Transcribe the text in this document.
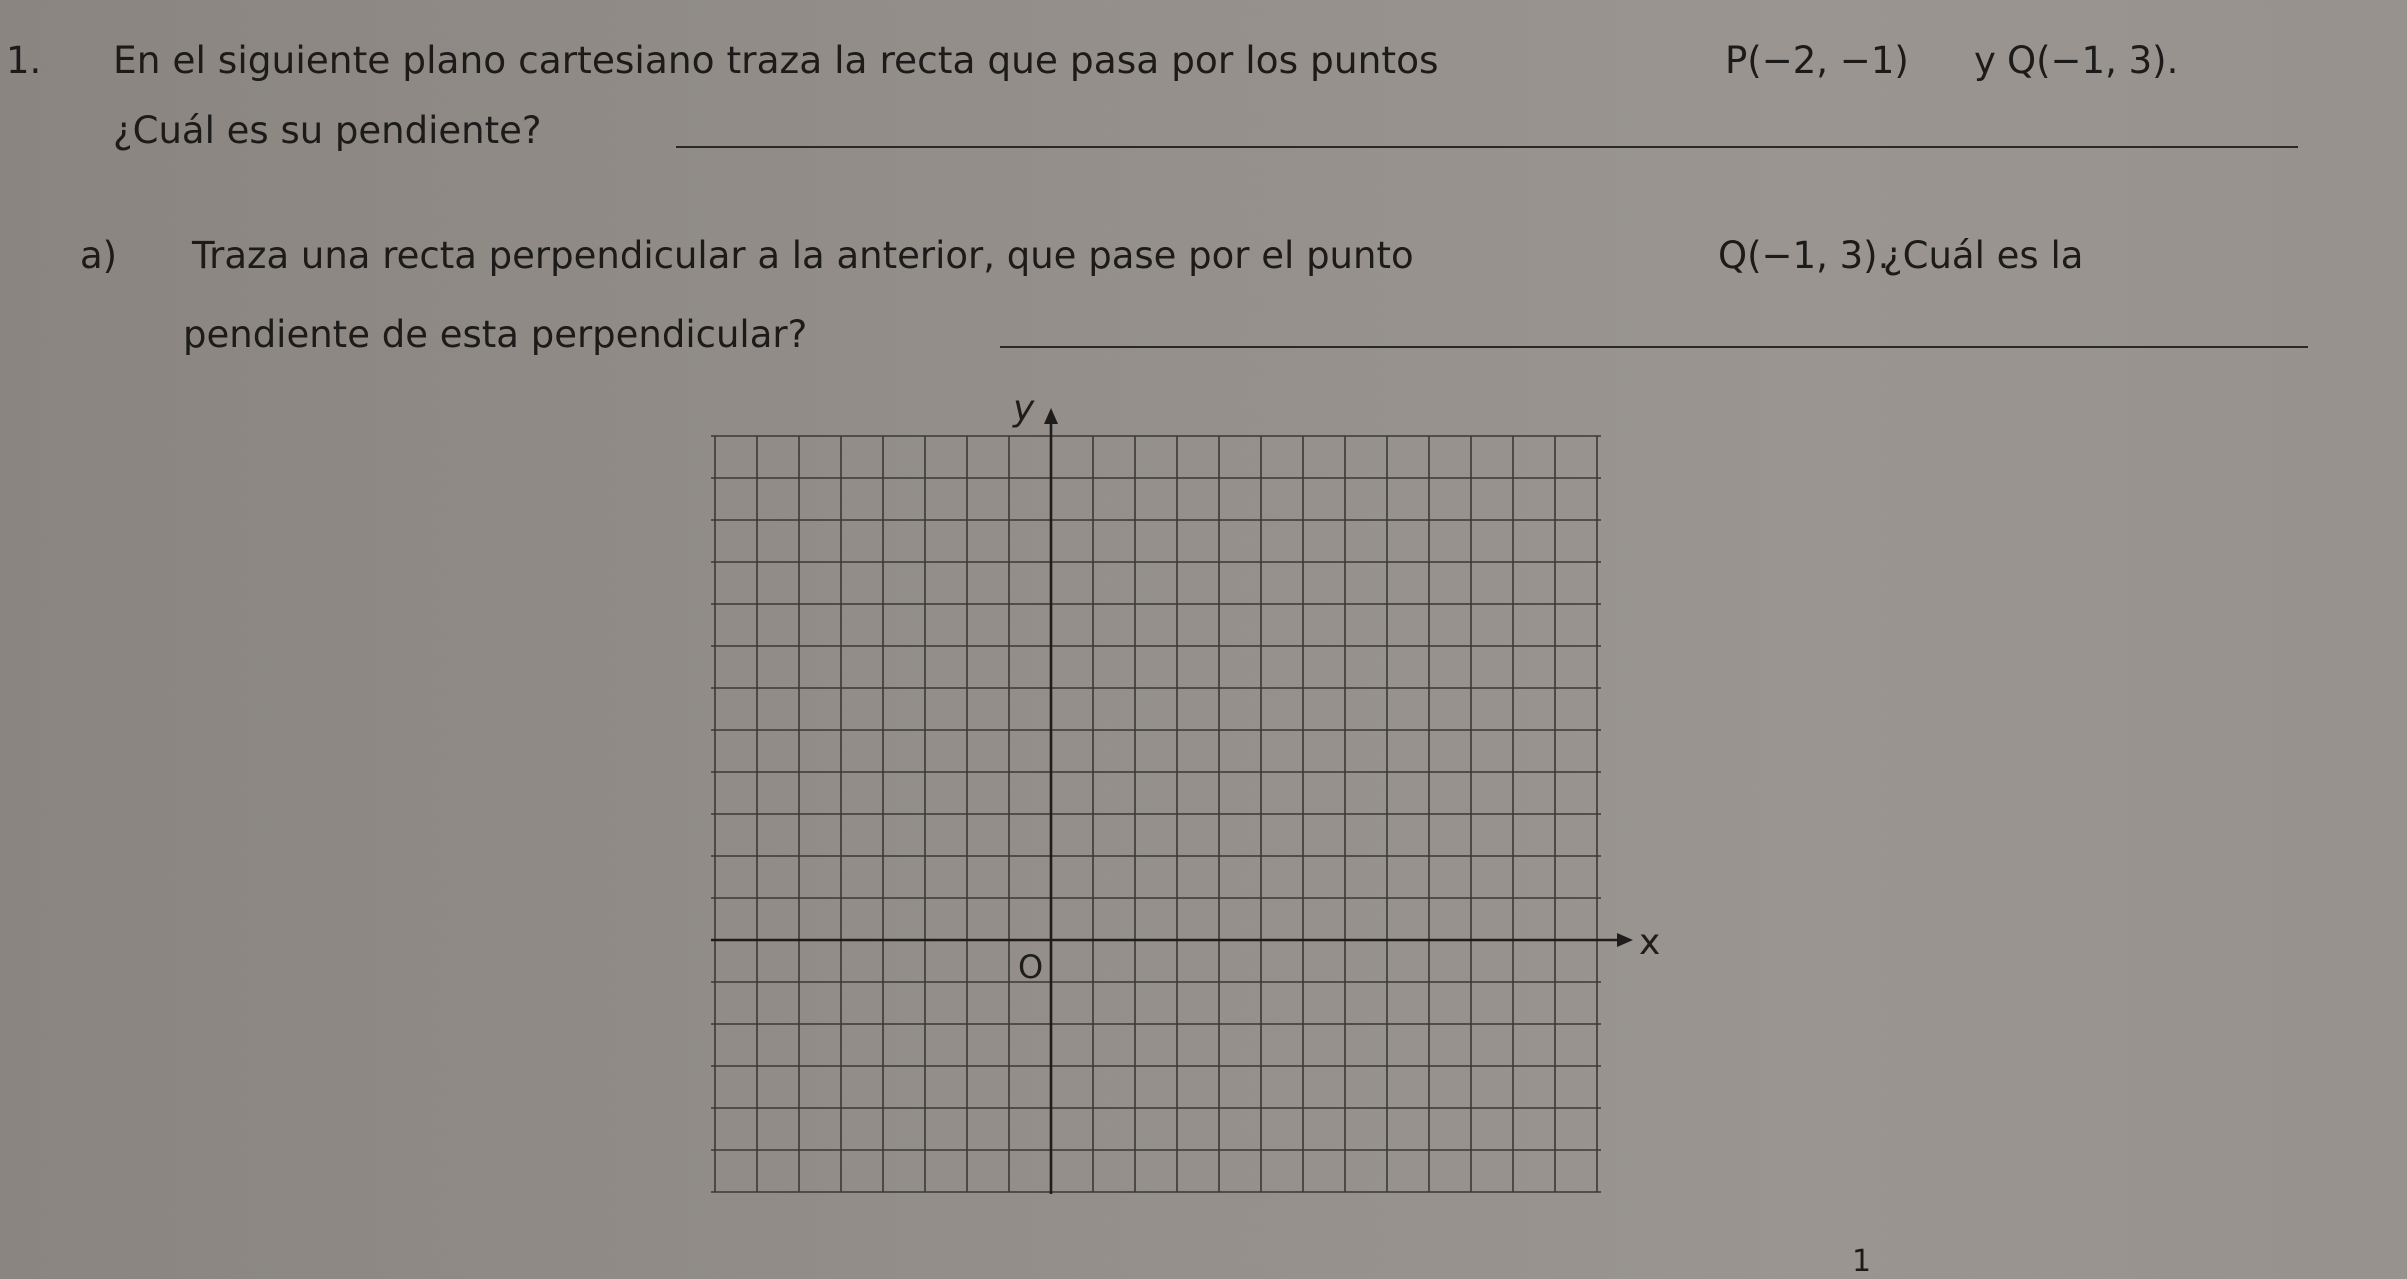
1. En el siguiente plano cartesiano traza la recta que pasa por los puntos	P(−2, −1) y Q(−1, 3).
¿Cuál es su pendiente?
a) Traza una recta perpendicular a la anterior, que pase por el punto	Q(−1, 3).
¿Cuál es la
pendiente de esta perpendicular?
y
x
O
1
